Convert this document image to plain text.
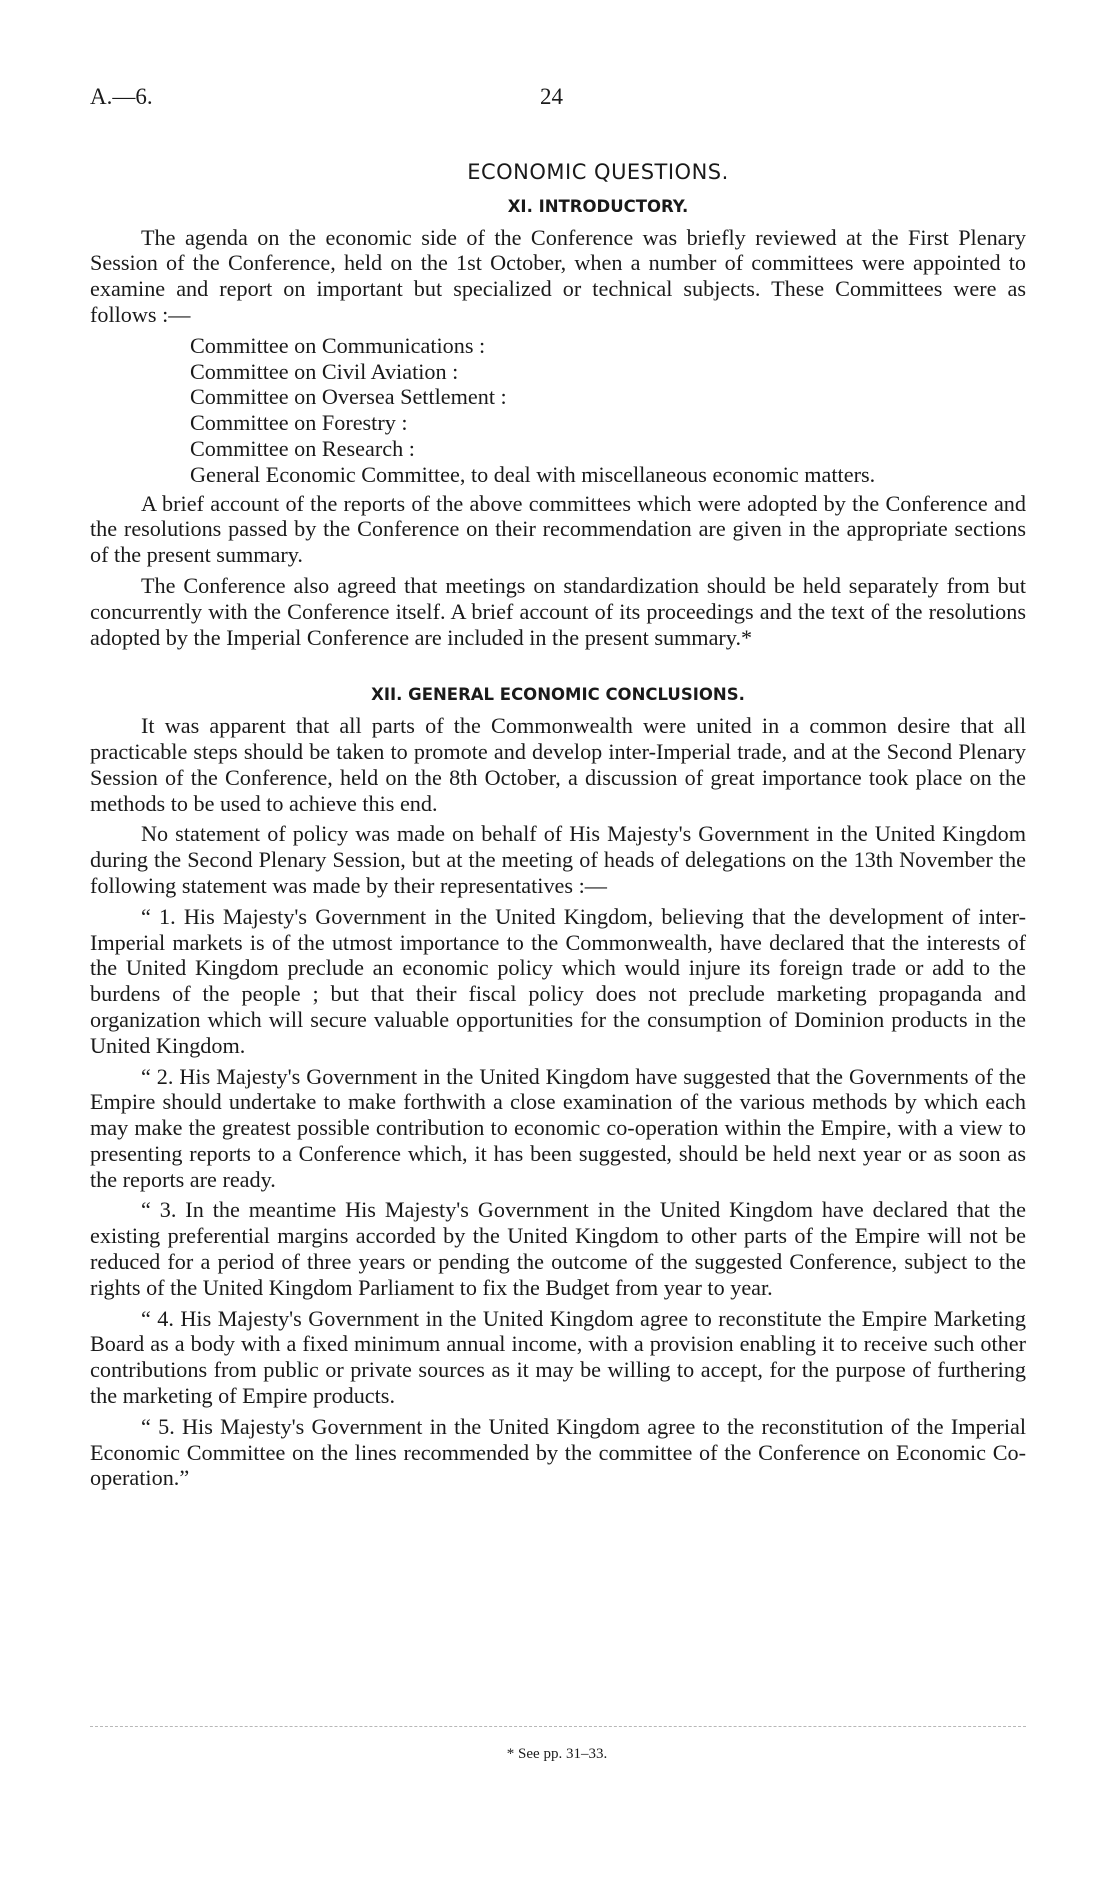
A.—6.	24
ECONOMIC QUESTIONS.
XI. INTRODUCTORY.

The agenda on the economic side of the Conference was briefly reviewed at the First Plenary Session of the Conference, held on the 1st October, when a number of committees were appointed to examine and report on important but specialized or technical subjects. These Committees were as follows :—

Committee on Communications :
Committee on Civil Aviation :
Committee on Oversea Settlement :
Committee on Forestry :
Committee on Research :
General Economic Committee, to deal with miscellaneous economic matters.

A brief account of the reports of the above committees which were adopted by the Conference and the resolutions passed by the Conference on their recommendation are given in the appropriate sections of the present summary.

The Conference also agreed that meetings on standardization should be held separately from but concurrently with the Conference itself. A brief account of its proceedings and the text of the resolutions adopted by the Imperial Conference are included in the present summary.*

XII. GENERAL ECONOMIC CONCLUSIONS.

It was apparent that all parts of the Commonwealth were united in a common desire that all practicable steps should be taken to promote and develop inter-Imperial trade, and at the Second Plenary Session of the Conference, held on the 8th October, a discussion of great importance took place on the methods to be used to achieve this end.

No statement of policy was made on behalf of His Majesty's Government in the United Kingdom during the Second Plenary Session, but at the meeting of heads of delegations on the 13th November the following statement was made by their representatives :—

“ 1. His Majesty's Government in the United Kingdom, believing that the development of inter-Imperial markets is of the utmost importance to the Commonwealth, have declared that the interests of the United Kingdom preclude an economic policy which would injure its foreign trade or add to the burdens of the people ; but that their fiscal policy does not preclude marketing propaganda and organization which will secure valuable opportunities for the consumption of Dominion products in the United Kingdom.

“ 2. His Majesty's Government in the United Kingdom have suggested that the Governments of the Empire should undertake to make forthwith a close examination of the various methods by which each may make the greatest possible contribution to economic co-operation within the Empire, with a view to presenting reports to a Conference which, it has been suggested, should be held next year or as soon as the reports are ready.

“ 3. In the meantime His Majesty's Government in the United Kingdom have declared that the existing preferential margins accorded by the United Kingdom to other parts of the Empire will not be reduced for a period of three years or pending the outcome of the suggested Conference, subject to the rights of the United Kingdom Parliament to fix the Budget from year to year.

“ 4. His Majesty's Government in the United Kingdom agree to reconstitute the Empire Marketing Board as a body with a fixed minimum annual income, with a provision enabling it to receive such other contributions from public or private sources as it may be willing to accept, for the purpose of furthering the marketing of Empire products.

“ 5. His Majesty's Government in the United Kingdom agree to the reconstitution of the Imperial Economic Committee on the lines recommended by the committee of the Conference on Economic Co-operation.”

* See pp. 31–33.
